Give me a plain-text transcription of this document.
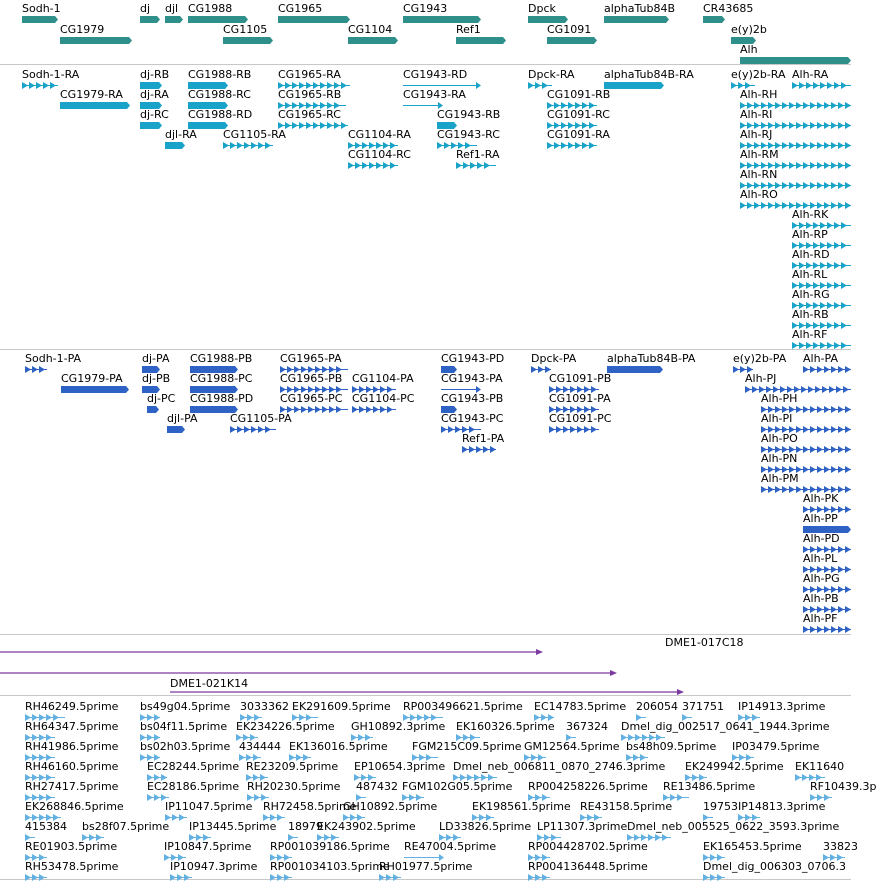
Sodh-1	dj djl CG1988	CG1965	CG1943	Dpck	alphaTub84B	CR43685
CG1979	CG1105	CG1104	Ref1	CG1091	e(y)2b
Alh
Sodh-1-RA	dj-RB CG1988-RB CG1965-RA	CG1943-RD	Dpck-RA	alphaTub84B-RA	e(y)2b-RA Alh-RA
CG1979-RA dj-RA CG1988-RC CG1965-RB	CG1943-RA	CG1091-RB	Alh-RH
dj-RC CG1988-RD CG1965-RC	CG1943-RB	CG1091-RC	Alh-RI
djl-RA CG1105-RA	CG1104-RA CG1943-RC	CG1091-RA	Alh-RJ
CG1104-RC	Ref1-RA	Alh-RM
Alh-RN
Alh-RO
Alh-RK
Alh-RP
Alh-RD
Alh-RL
Alh-RG
Alh-RB
Alh-RF
Sodh-1-PA	dj-PA CG1988-PB	CG1965-PA	CG1943-PD Dpck-PA	alphaTub84B-PA	e(y)2b-PA Alh-PA
CG1979-PA dj-PB CG1988-PC	CG1965-PB CG1104-PA CG1943-PA	CG1091-PB	Alh-PJ
dj-PC CG1988-PD CG1965-PC CG1104-PC CG1943-PB	CG1091-PA	Alh-PH
djl-PA	CG1105-PA	CG1943-PC	CG1091-PC	Alh-PI
Ref1-PA	Alh-PO
Alh-PN
Alh-PM
Alh-PK
Alh-PP
Alh-PD
Alh-PL
Alh-PG
Alh-PB
Alh-PF
RH46249.5prime bs49g04.5prime 3033362 EK291609.5prime RP003496621.5prime EC14783.5prime 206054 371751 IP14913.3prime
RH64347.5prime bs04f11.5prime EK234226.5prime GH10892.3prime EK160326.5prime 367324 Dmel_dig_002517_0641_1944.3prime
RH41986.5prime bs02h03.5prime 434444 EK136016.5prime FGM215C09.5prime GM12564.5prime bs48h09.5prime IP03479.5prime
RH46160.5prime	EC28244.5prime RE23209.5prime EP10654.3prime Dmel_neb_006811_0870_2746.3prime EK249942.5prime EK11640
RH27417.5prime	EC28186.5prime RH20230.5prime 487432 FGM102G05.5prime RP004258226.5prime RE13486.5prime	RF10439.3p
EK268846.5prime	IP11047.5prime RH72458.5prime
GH10892.5prime	EK198561.5prime RE43158.5prime	19753 IP14813.3prime
415384 bs28f07.5prime IP13445.5prime 18979
EK243902.5prime LD33826.5prime LP11307.3prime Dmel_neb_005525_0622_3593.3prime
RE01903.5prime	IP10847.5prime RP001039186.5prime RE47004.5prime	RP004428702.5prime	EK165453.5prime 33823
RH53478.5prime	IP10947.3prime RP001034103.5prime
RH01977.5prime	RP004136448.5prime	Dmel_dig_006303_0706.3
DME1-017C18
DME1-021K14
